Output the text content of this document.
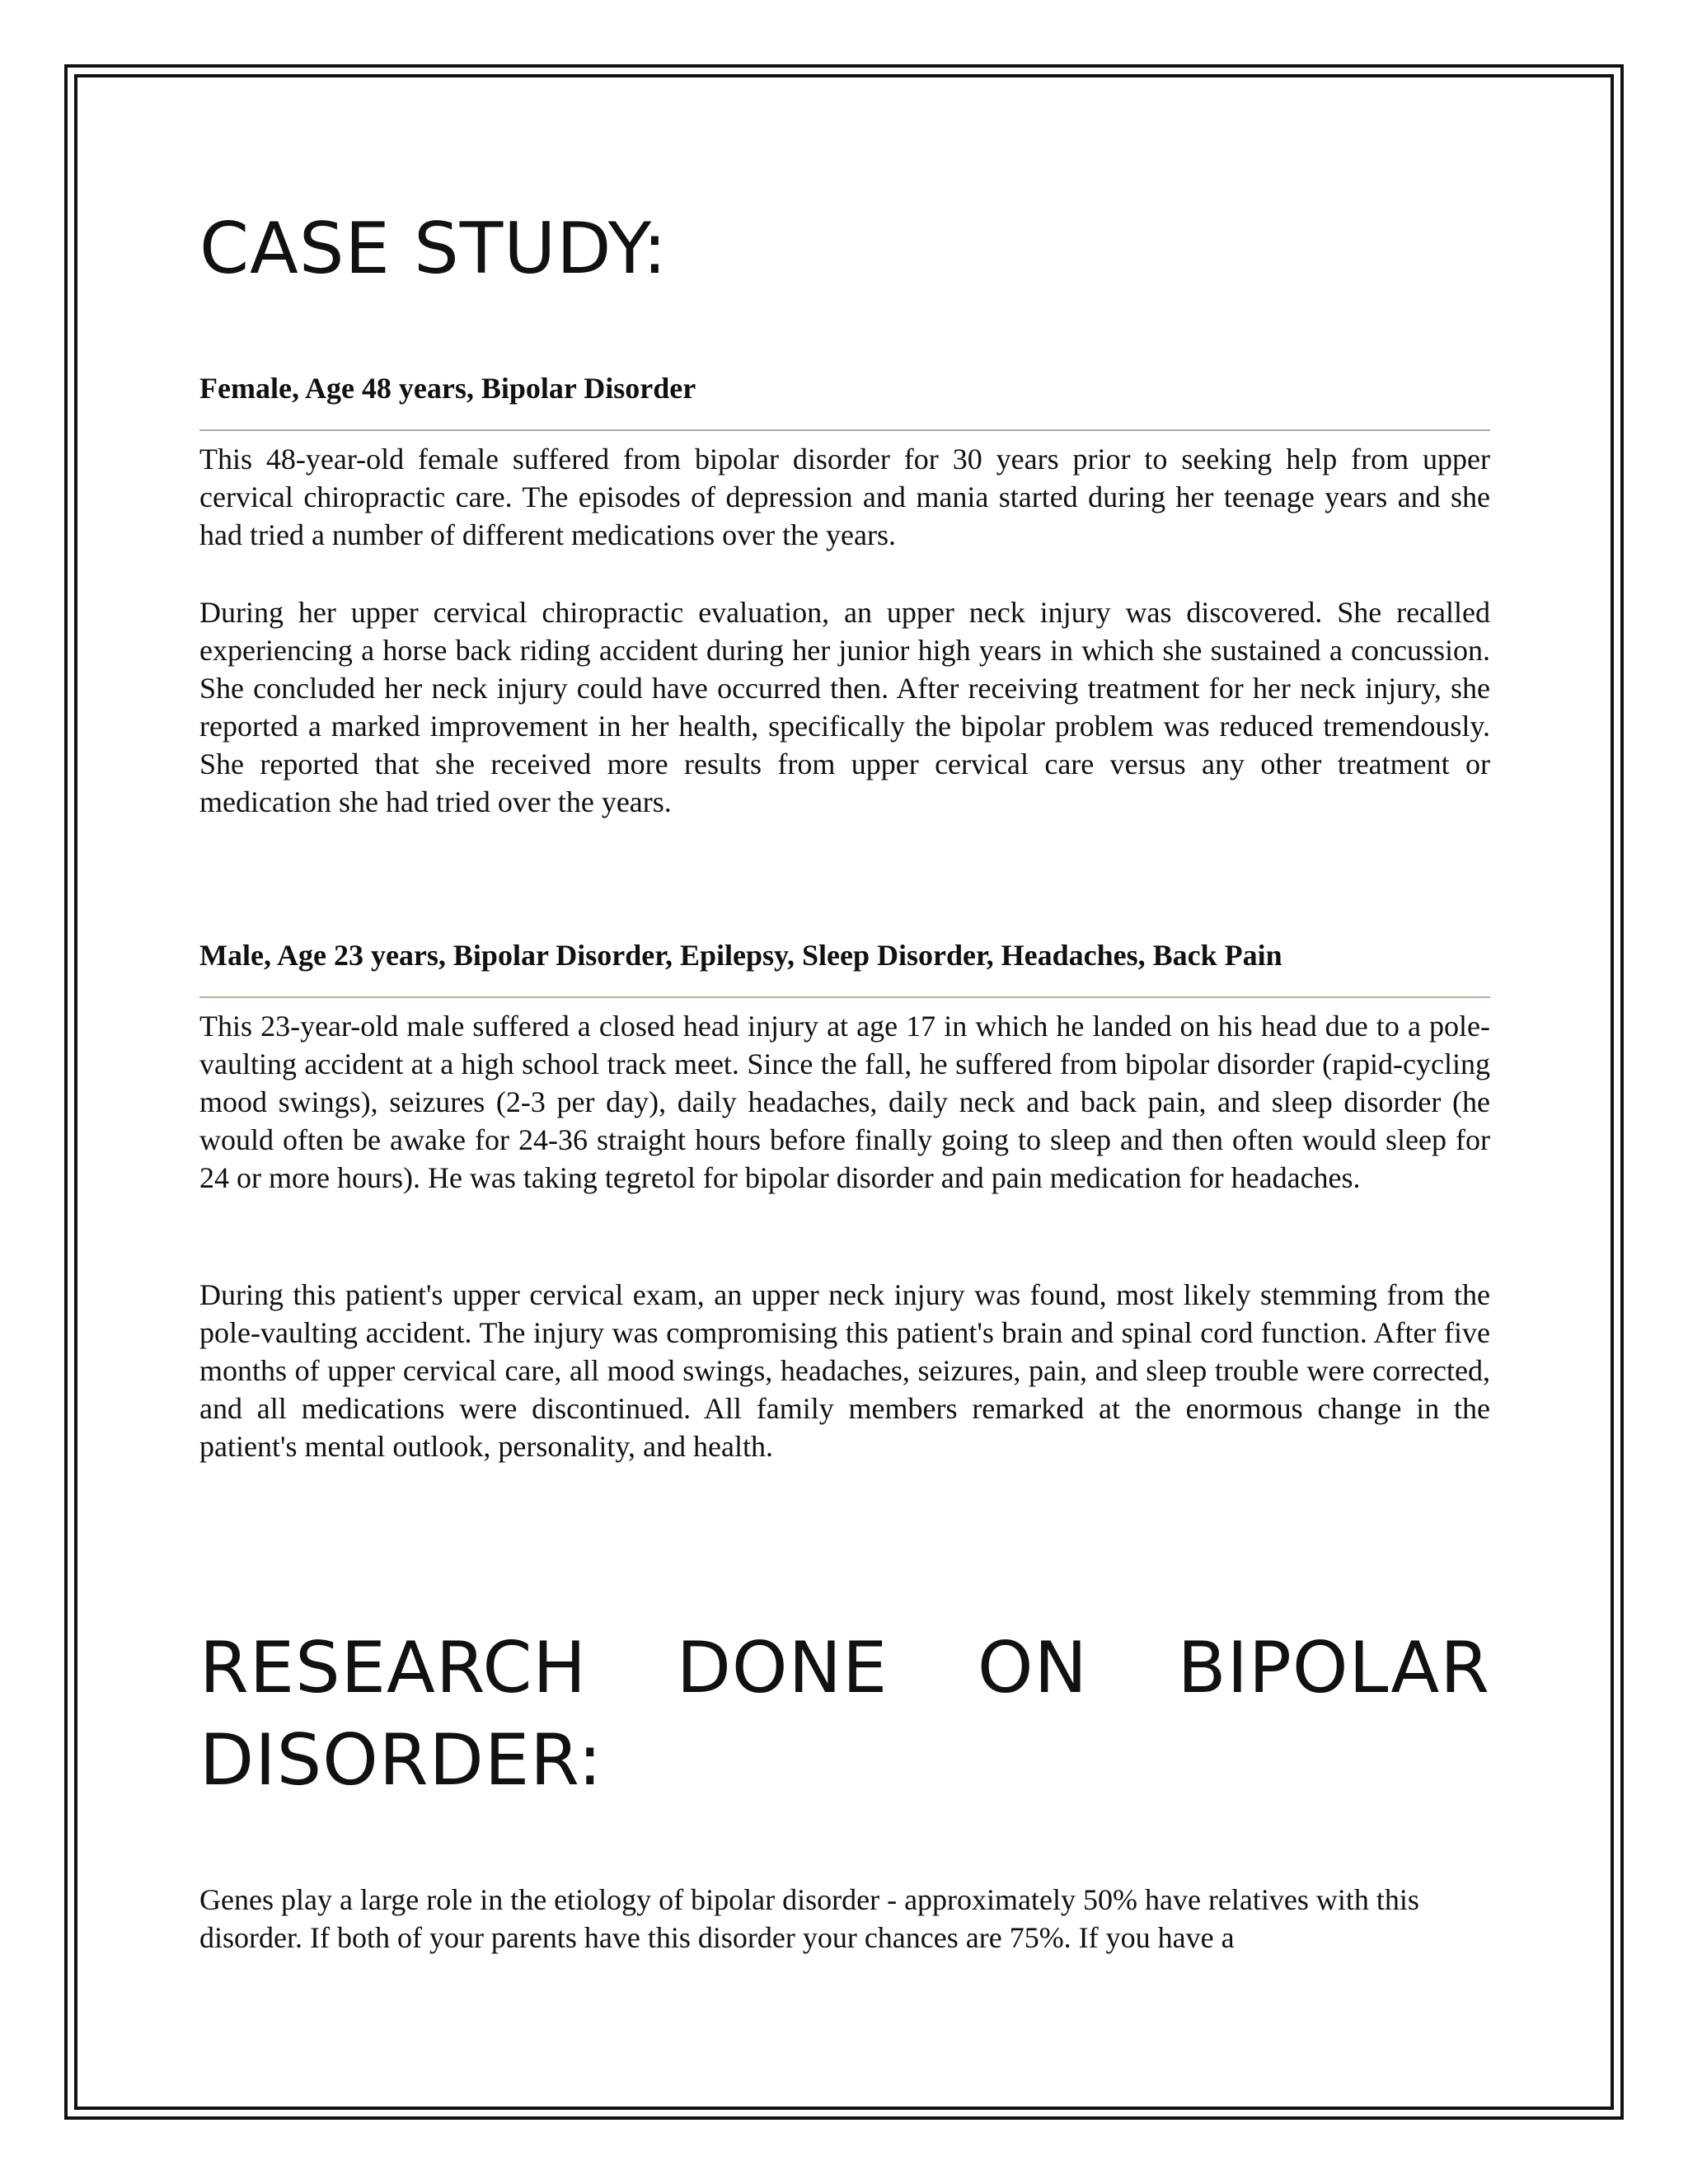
CASE STUDY:
Female, Age 48 years, Bipolar Disorder

This 48-year-old female suffered from bipolar disorder for 30 years prior to seeking help from upper cervical chiropractic care. The episodes of depression and mania started during her teenage years and she had tried a number of different medications over the years.

During her upper cervical chiropractic evaluation, an upper neck injury was discovered. She recalled experiencing a horse back riding accident during her junior high years in which she sustained a concussion. She concluded her neck injury could have occurred then. After receiving treatment for her neck injury, she reported a marked improvement in her health, specifically the bipolar problem was reduced tremendously. She reported that she received more results from upper cervical care versus any other treatment or medication she had tried over the years.

Male, Age 23 years, Bipolar Disorder, Epilepsy, Sleep Disorder, Headaches, Back Pain

This 23-year-old male suffered a closed head injury at age 17 in which he landed on his head due to a pole-vaulting accident at a high school track meet. Since the fall, he suffered from bipolar disorder (rapid-cycling mood swings), seizures (2-3 per day), daily headaches, daily neck and back pain, and sleep disorder (he would often be awake for 24-36 straight hours before finally going to sleep and then often would sleep for 24 or more hours). He was taking tegretol for bipolar disorder and pain medication for headaches.

During this patient's upper cervical exam, an upper neck injury was found, most likely stemming from the pole-vaulting accident. The injury was compromising this patient's brain and spinal cord function. After five months of upper cervical care, all mood swings, headaches, seizures, pain, and sleep trouble were corrected, and all medications were discontinued. All family members remarked at the enormous change in the patient's mental outlook, personality, and health.

RESEARCH DONE ON BIPOLAR DISORDER:

Genes play a large role in the etiology of bipolar disorder - approximately 50% have relatives with this disorder. If both of your parents have this disorder your chances are 75%. If you have a
